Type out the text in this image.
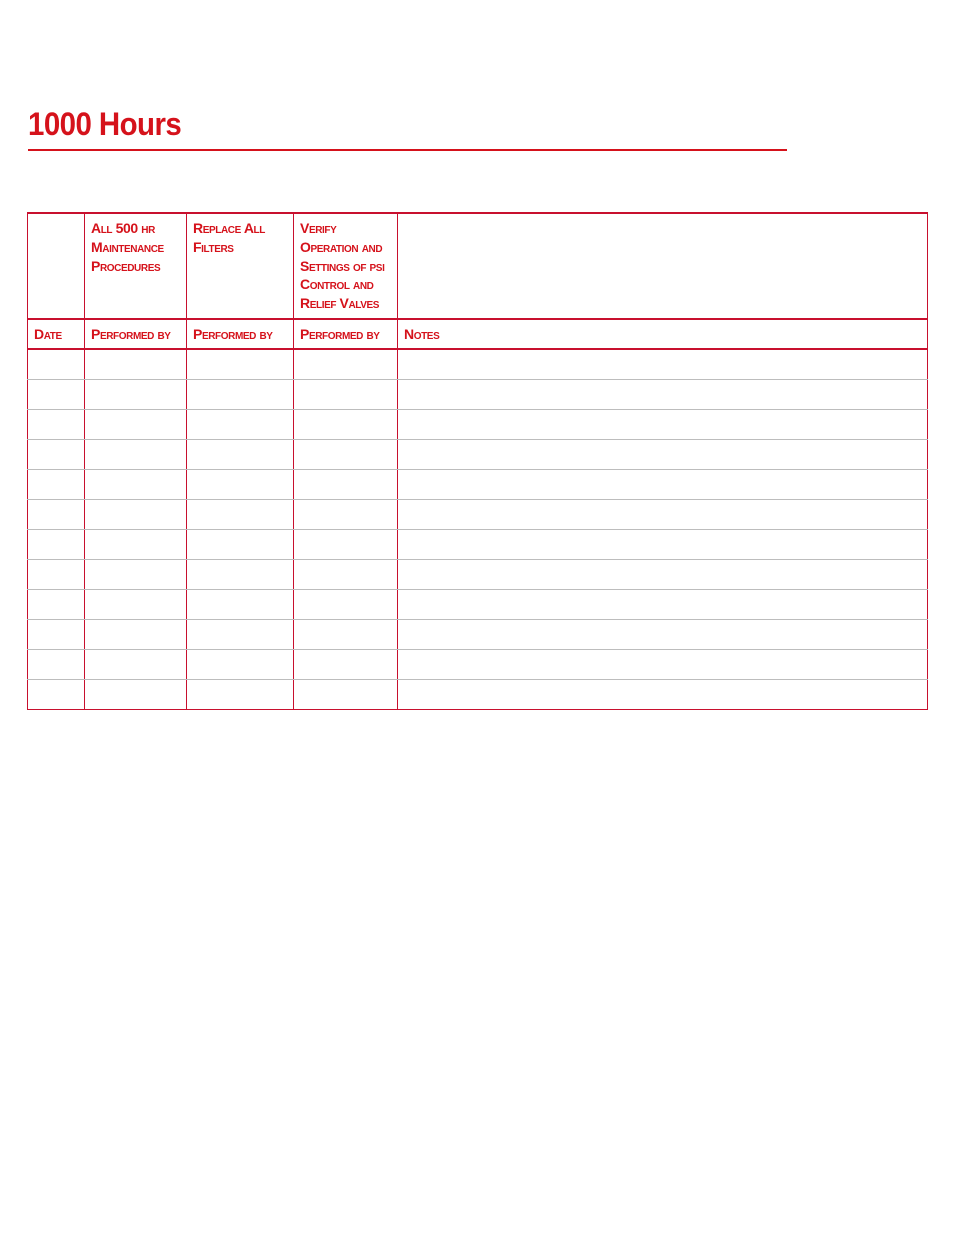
1000 Hours

	All 500 hr Maintenance Procedures	Replace All Filters	Verify Operation and Settings of psi Control and Relief Valves	

Date	Performed by	Performed by	Performed by	Notes
